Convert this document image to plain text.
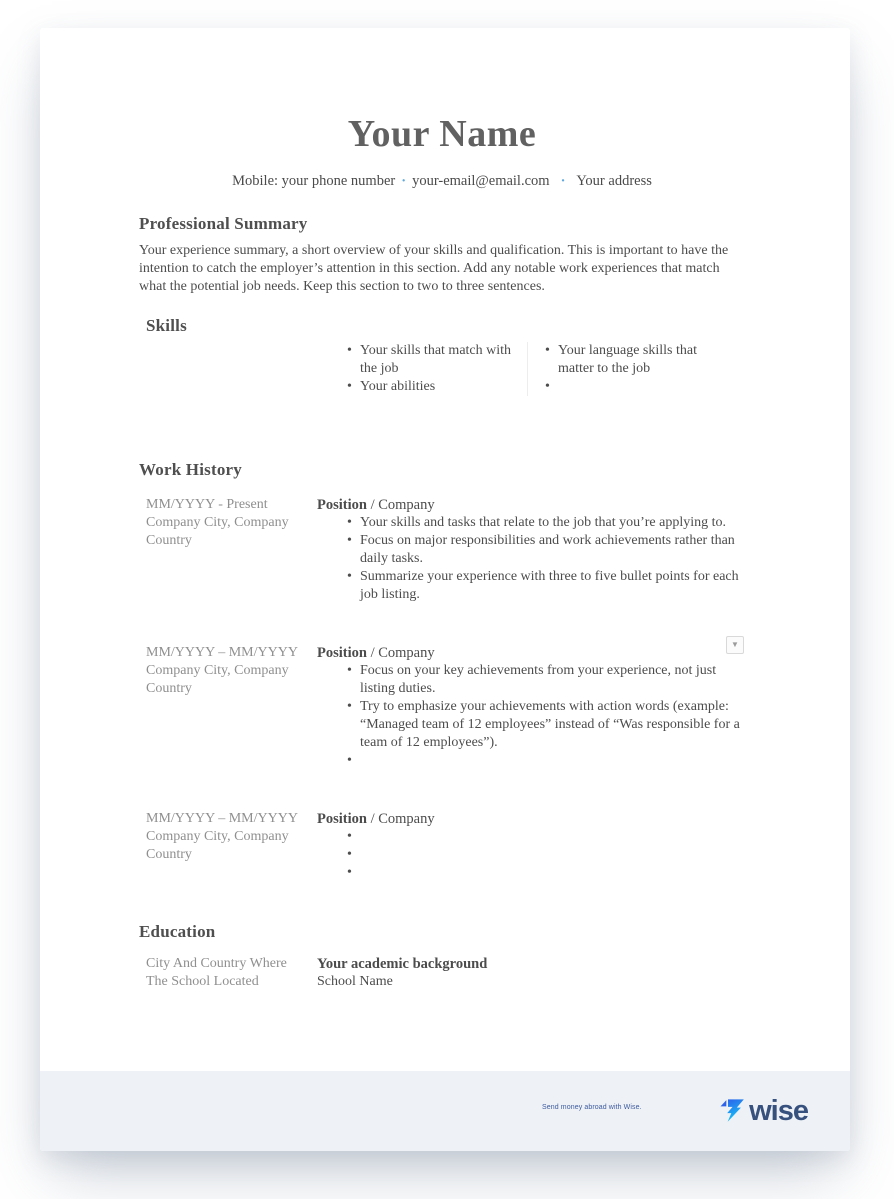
Your Name
Mobile: your phone number · your-email@email.com · Your address
Professional Summary

Your experience summary, a short overview of your skills and qualification. This is important to have the intention to catch the employer’s attention in this section. Add any notable work experiences that match what the potential job needs. Keep this section to two to three sentences.

Skills
• Your skills that match with the job
• Your abilities
• Your language skills that matter to the job
•
Work History
MM/YYYY - Present
Company City, Company Country
Position / Company
• Your skills and tasks that relate to the job that you’re applying to.
• Focus on major responsibilities and work achievements rather than daily tasks.
• Summarize your experience with three to five bullet points for each job listing.
▼
MM/YYYY – MM/YYYY
Company City, Company Country
Position / Company
• Focus on your key achievements from your experience, not just listing duties.
• Try to emphasize your achievements with action words (example: “Managed team of 12 employees” instead of “Was responsible for a team of 12 employees”).
•
MM/YYYY – MM/YYYY
Company City, Company Country
Position / Company
•
•
•
Education
City And Country Where The School Located
Your academic background
School Name
Send money abroad with Wise.	wise
